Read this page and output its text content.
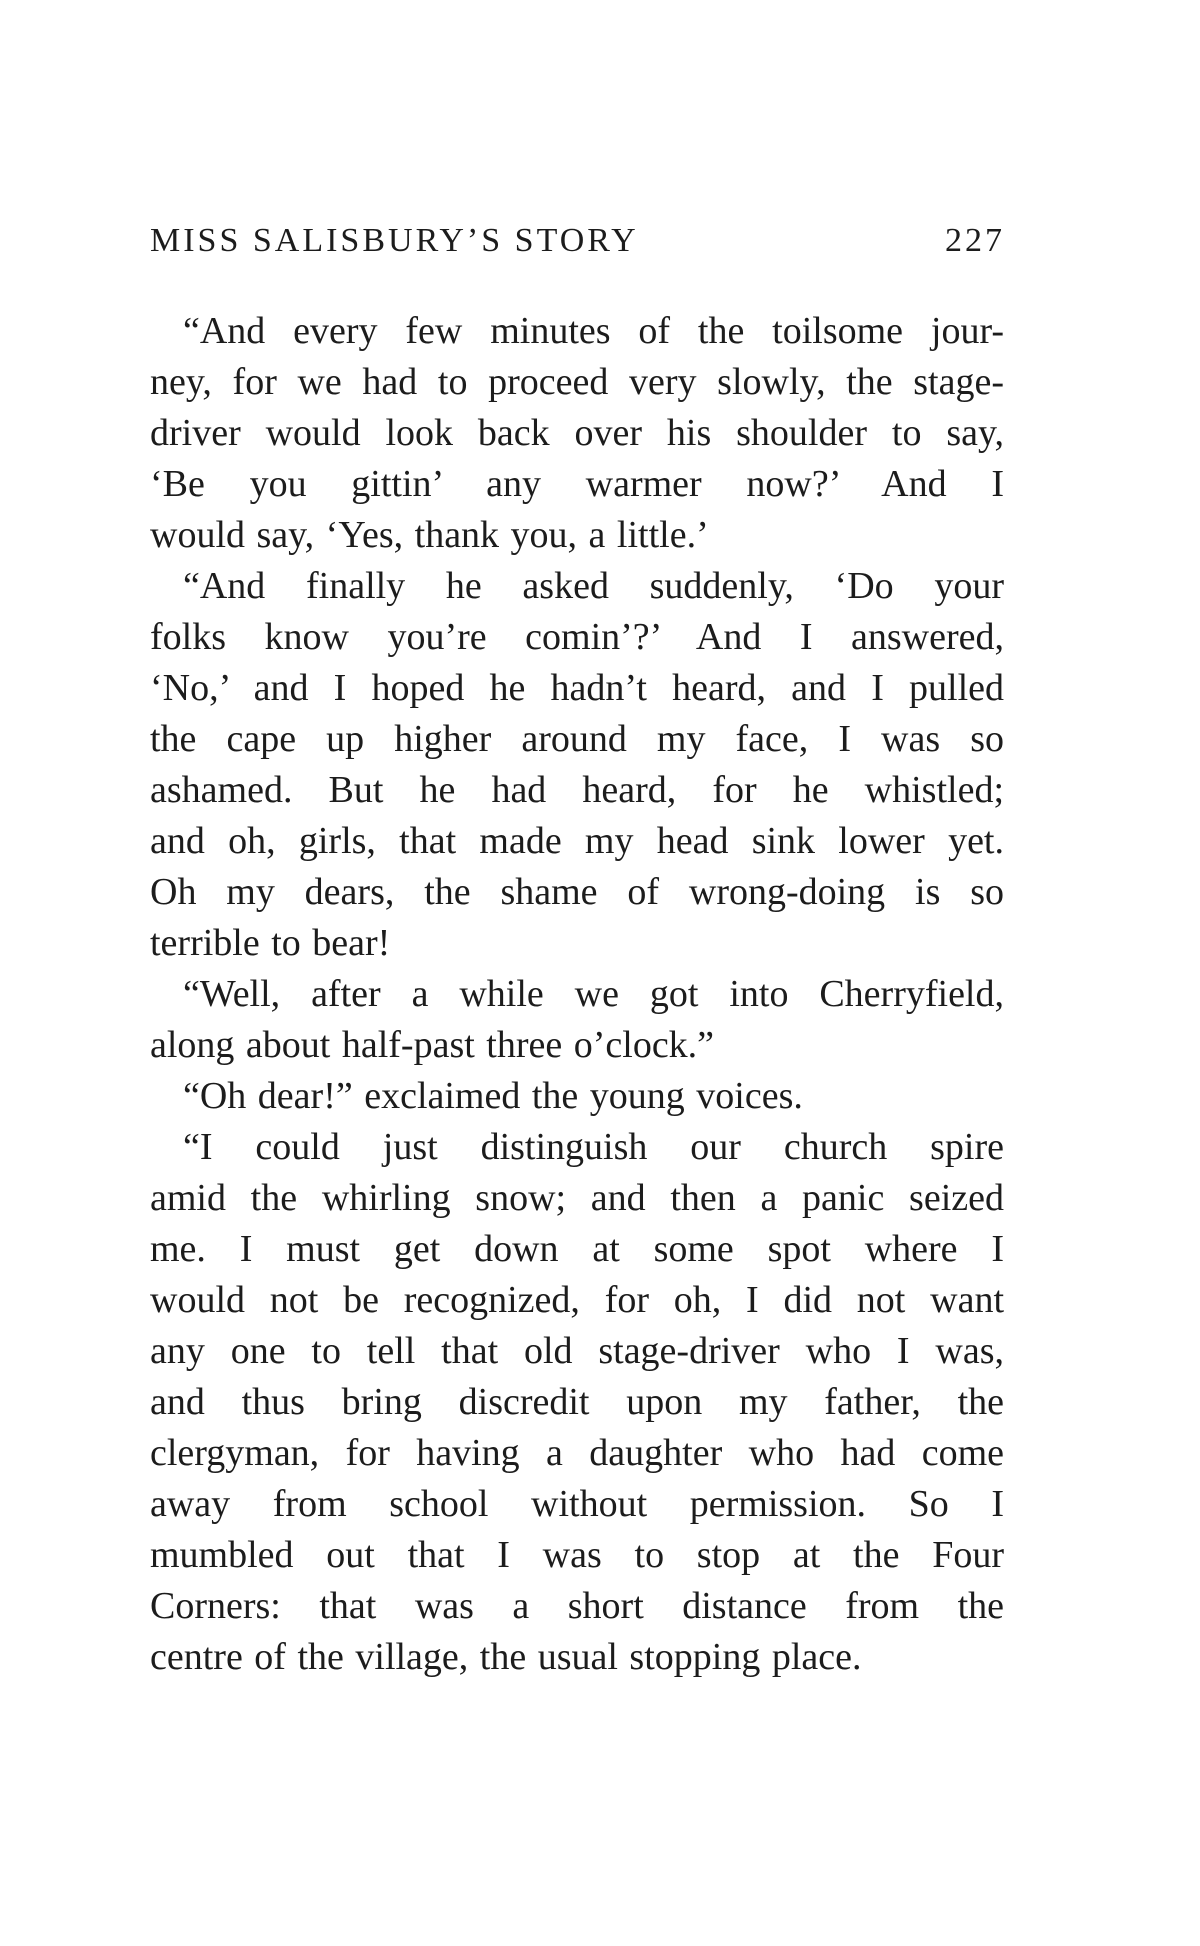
MISS SALISBURY’S STORY	227
“And every few minutes of the toilsome jour-
ney, for we had to proceed very slowly, the stage-
driver would look back over his shoulder to say,
‘Be you gittin’ any warmer now?’ And I
would say, ‘Yes, thank you, a little.’
“And finally he asked suddenly, ‘Do your
folks know you’re comin’?’ And I answered,
‘No,’ and I hoped he hadn’t heard, and I pulled
the cape up higher around my face, I was so
ashamed. But he had heard, for he whistled;
and oh, girls, that made my head sink lower yet.
Oh my dears, the shame of wrong-doing is so
terrible to bear!
“Well, after a while we got into Cherryfield,
along about half-past three o’clock.”
“Oh dear!” exclaimed the young voices.
“I could just distinguish our church spire
amid the whirling snow; and then a panic seized
me. I must get down at some spot where I
would not be recognized, for oh, I did not want
any one to tell that old stage-driver who I was,
and thus bring discredit upon my father, the
clergyman, for having a daughter who had come
away from school without permission. So I
mumbled out that I was to stop at the Four
Corners: that was a short distance from the
centre of the village, the usual stopping place.
